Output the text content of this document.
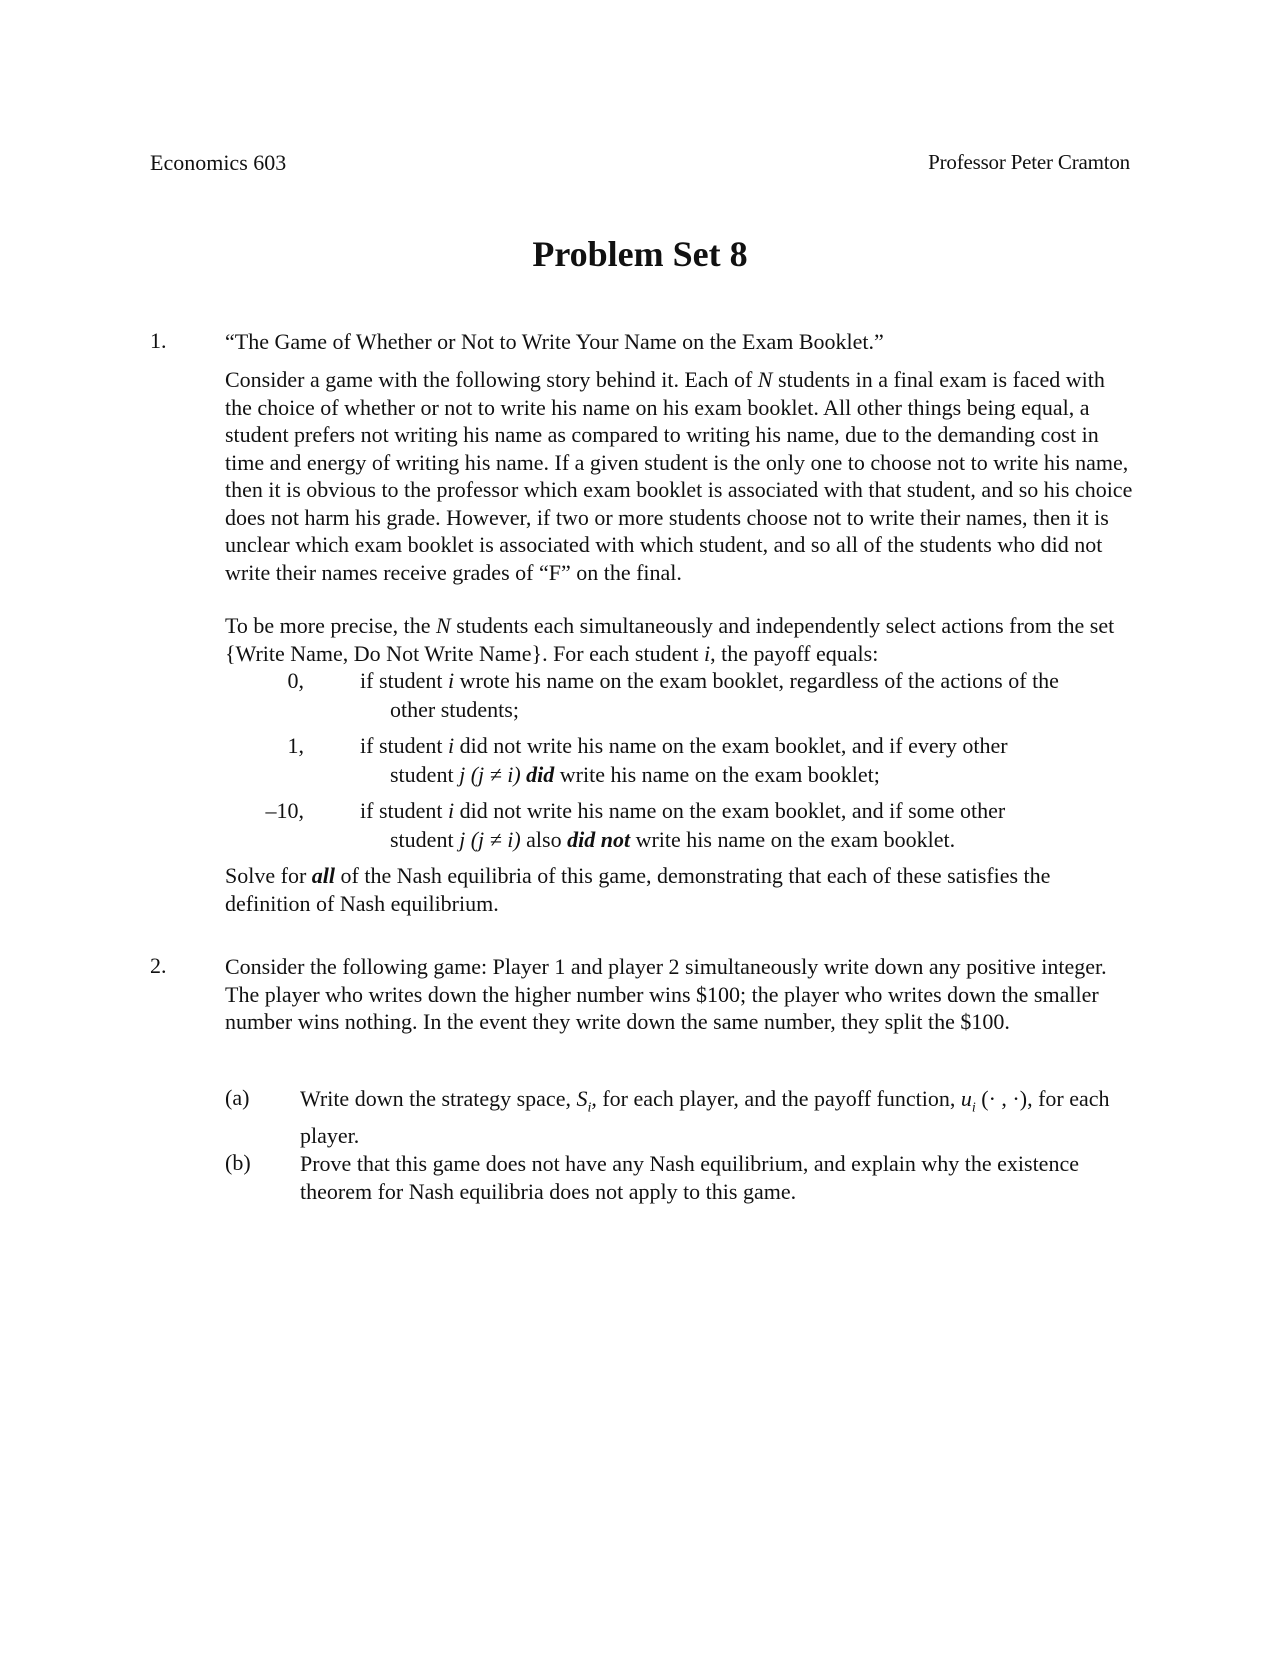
Economics 603	Professor Peter Cramton
Problem Set 8
1.	“The Game of Whether or Not to Write Your Name on the Exam Booklet.”

Consider a game with the following story behind it. Each of N students in a final exam is faced with the choice of whether or not to write his name on his exam booklet. All other things being equal, a student prefers not writing his name as compared to writing his name, due to the demanding cost in time and energy of writing his name. If a given student is the only one to choose not to write his name, then it is obvious to the professor which exam booklet is associated with that student, and so his choice does not harm his grade. However, if two or more students choose not to write their names, then it is unclear which exam booklet is associated with which student, and so all of the students who did not write their names receive grades of “F” on the final.

To be more precise, the N students each simultaneously and independently select actions from the set {Write Name, Do Not Write Name}. For each student i, the payoff equals:

0,	if student i wrote his name on the exam booklet, regardless of the actions of the
other students;
1,	if student i did not write his name on the exam booklet, and if every other
student j (j ≠ i) did write his name on the exam booklet;
–10,	if student i did not write his name on the exam booklet, and if some other
student j (j ≠ i) also did not write his name on the exam booklet.

Solve for all of the Nash equilibria of this game, demonstrating that each of these satisfies the definition of Nash equilibrium.

2.	Consider the following game: Player 1 and player 2 simultaneously write down any positive integer. The player who writes down the higher number wins $100; the player who writes down the smaller number wins nothing. In the event they write down the same number, they split the $100.

(a) Write down the strategy space, $S_i$, for each player, and the payoff function, $u_i$ (· , ·), for each player.
(b) Prove that this game does not have any Nash equilibrium, and explain why the existence theorem for Nash equilibria does not apply to this game.
